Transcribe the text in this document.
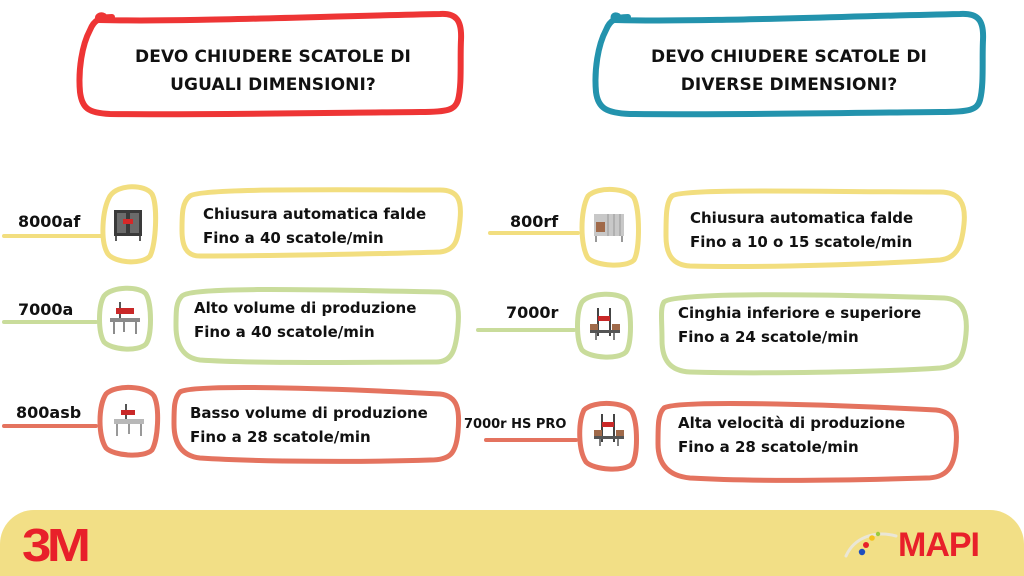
DEVO CHIUDERE SCATOLE DI
UGUALI DIMENSIONI?
DEVO CHIUDERE SCATOLE DI
DIVERSE DIMENSIONI?
8000af	Chiusura automatica falde
Fino a 40 scatole/min
7000a	Alto volume di produzione
Fino a 40 scatole/min
800asb	Basso volume di produzione
Fino a 28 scatole/min
800rf	Chiusura automatica falde
Fino a 10 o 15 scatole/min
7000r	Cinghia inferiore e superiore
Fino a 24 scatole/min
7000r HS PRO	Alta velocità di produzione
Fino a 28 scatole/min
3M	MAPI
